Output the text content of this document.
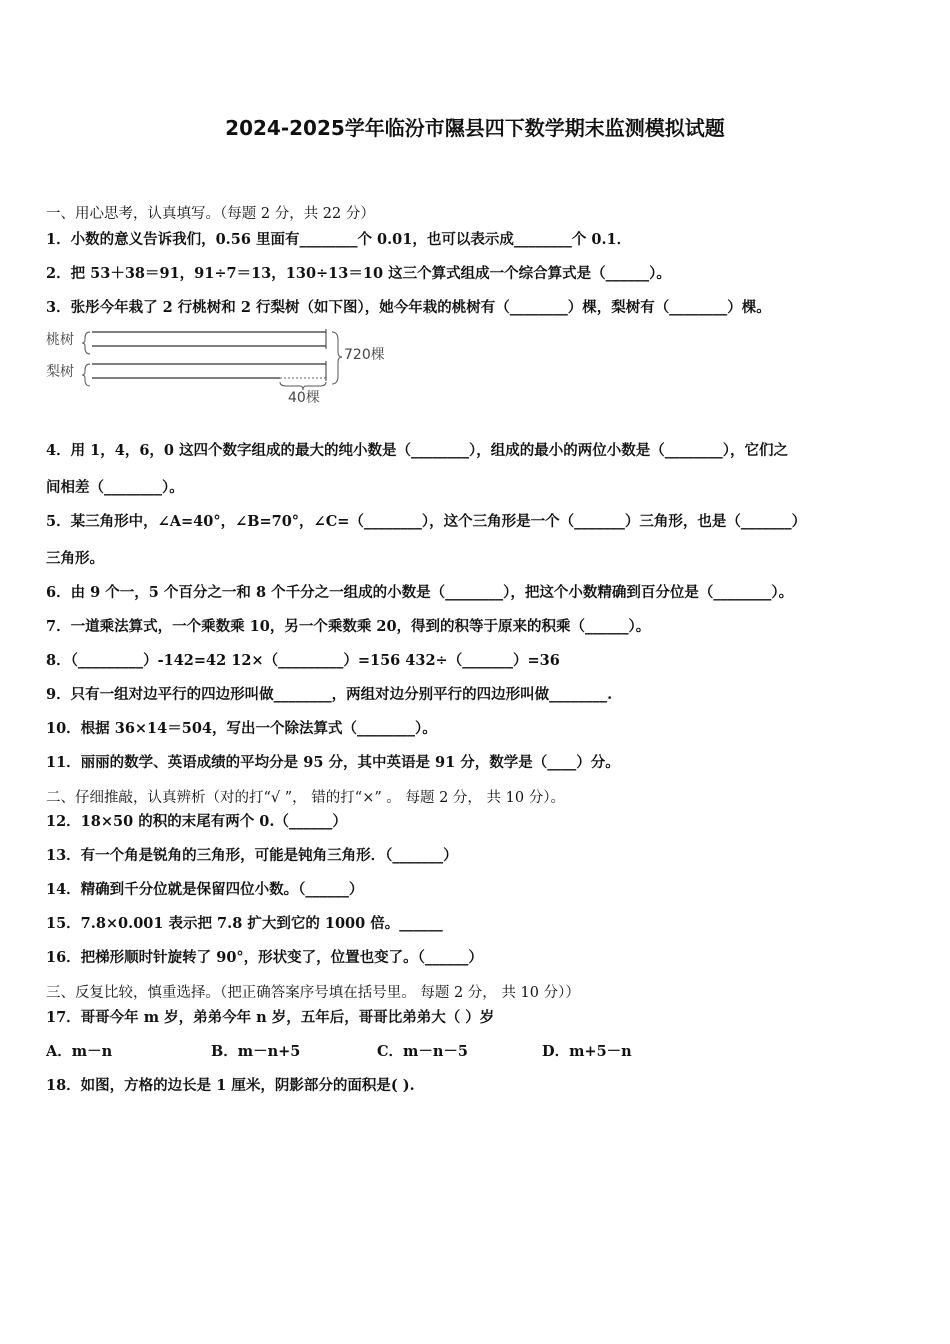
2024-2025学年临汾市隰县四下数学期末监测模拟试题
一、用心思考，认真填写。（每题 2 分，共 22 分）
1．小数的意义告诉我们，0.56 里面有________个 0.01，也可以表示成________个 0.1．
2．把 53＋38＝91，91÷7＝13，130÷13＝10 这三个算式组成一个综合算式是（______）。
3．张彤今年栽了 2 行桃树和 2 行梨树（如下图），她今年栽的桃树有（________）棵，梨树有（________）棵。
桃树
梨树
720棵
40棵
4．用 1，4，6，0 这四个数字组成的最大的纯小数是（________），组成的最小的两位小数是（________），它们之
间相差（________）。
5．某三角形中，∠A=40°，∠B=70°，∠C=（________），这个三角形是一个（_______）三角形，也是（_______）
三角形。
6．由 9 个一，5 个百分之一和 8 个千分之一组成的小数是（________），把这个小数精确到百分位是（________）。
7．一道乘法算式，一个乘数乘 10，另一个乘数乘 20，得到的积等于原来的积乘（______）。
8．（_________）-142=42 12×（_________）=156 432÷（_______）=36
9．只有一组对边平行的四边形叫做________，两组对边分别平行的四边形叫做________.
10．根据 36×14＝504，写出一个除法算式（________）。
11．丽丽的数学、英语成绩的平均分是 95 分，其中英语是 91 分，数学是（____）分。
二、仔细推敲，认真辨析（对的打“√ ”， 错的打“×” 。 每题 2 分， 共 10 分）。
12．18×50 的积的末尾有两个 0.（______）
13．有一个角是锐角的三角形，可能是钝角三角形．（_______）
14．精确到千分位就是保留四位小数。（______）
15．7.8×0.001 表示把 7.8 扩大到它的 1000 倍。______
16．把梯形顺时针旋转了 90°，形状变了，位置也变了。（______）
三、反复比较，慎重选择。（把正确答案序号填在括号里。 每题 2 分， 共 10 分））
17．哥哥今年 m 岁，弟弟今年 n 岁，五年后，哥哥比弟弟大（ ）岁
A．m－n	B．m－n+5	C．m－n－5	D．m+5－n
18．如图，方格的边长是 1 厘米，阴影部分的面积是( ).
